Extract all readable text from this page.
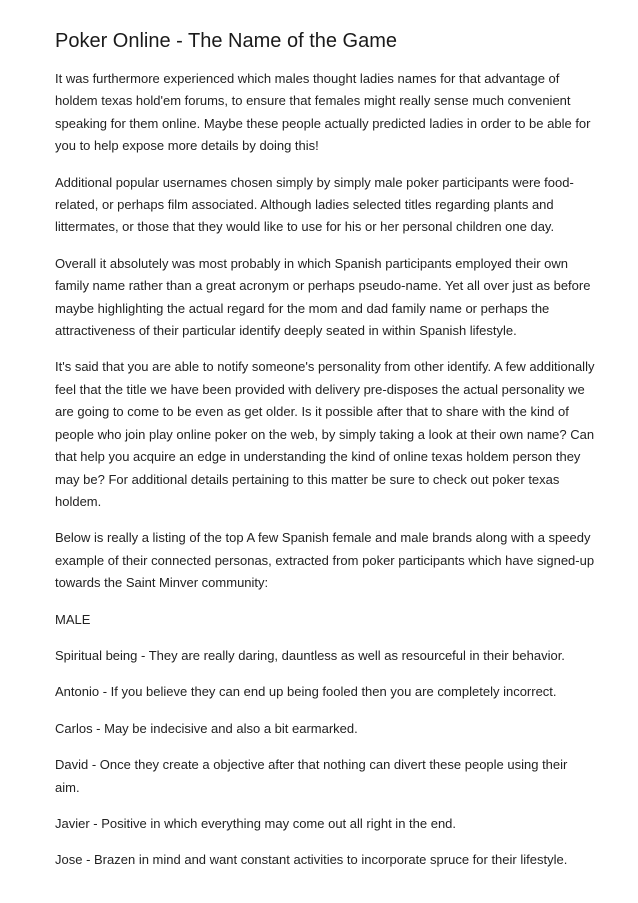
Poker Online - The Name of the Game

It was furthermore experienced which males thought ladies names for that advantage of holdem texas hold'em forums, to ensure that females might really sense much convenient speaking for them online. Maybe these people actually predicted ladies in order to be able for you to help expose more details by doing this!

Additional popular usernames chosen simply by simply male poker participants were food-related, or perhaps film associated. Although ladies selected titles regarding plants and littermates, or those that they would like to use for his or her personal children one day.

Overall it absolutely was most probably in which Spanish participants employed their own family name rather than a great acronym or perhaps pseudo-name. Yet all over just as before maybe highlighting the actual regard for the mom and dad family name or perhaps the attractiveness of their particular identify deeply seated in within Spanish lifestyle.

It's said that you are able to notify someone's personality from other identify. A few additionally feel that the title we have been provided with delivery pre-disposes the actual personality we are going to come to be even as get older. Is it possible after that to share with the kind of people who join play online poker on the web, by simply taking a look at their own name? Can that help you acquire an edge in understanding the kind of online texas holdem person they may be? For additional details pertaining to this matter be sure to check out poker texas holdem.

Below is really a listing of the top A few Spanish female and male brands along with a speedy example of their connected personas, extracted from poker participants which have signed-up towards the Saint Minver community:

MALE

Spiritual being - They are really daring, dauntless as well as resourceful in their behavior.

Antonio - If you believe they can end up being fooled then you are completely incorrect.

Carlos - May be indecisive and also a bit earmarked.

David - Once they create a objective after that nothing can divert these people using their aim.

Javier - Positive in which everything may come out all right in the end.

Jose - Brazen in mind and want constant activities to incorporate spruce for their lifestyle.
